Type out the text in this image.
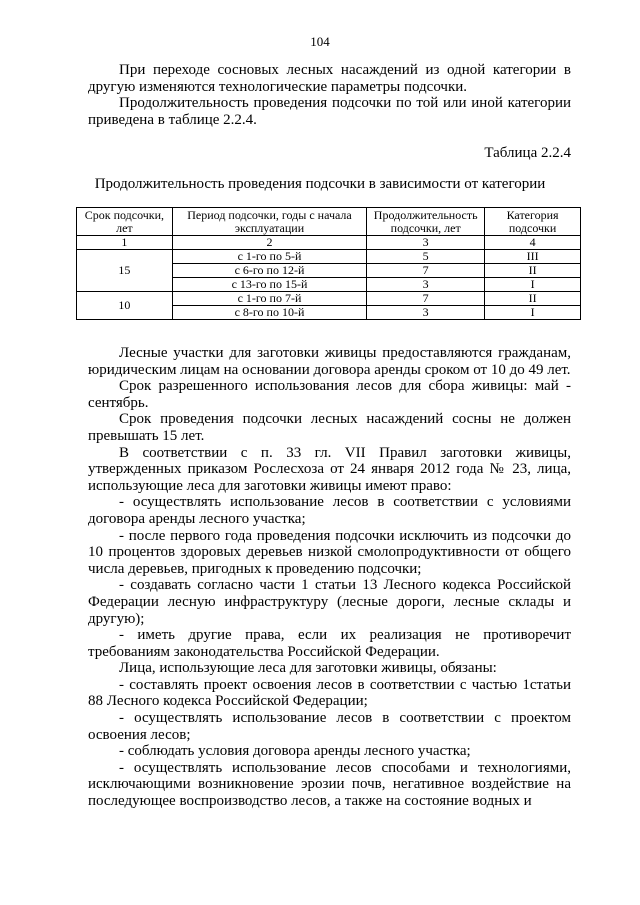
104

При переходе сосновых лесных насаждений из одной категории в другую изменяются технологические параметры подсочки.

Продолжительность проведения подсочки по той или иной категории приведена в таблице 2.2.4.

Таблица 2.2.4
Продолжительность проведения подсочки в зависимости от категории
Срок подсочки, лет	Период подсочки, годы с начала эксплуатации	Продолжительность подсочки, лет	Категория подсочки
1	2	3	4
15	с 1-го по 5-й	5	III
	с 6-го по 12-й	7	II
	с 13-го по 15-й	3	I
10	с 1-го по 7-й	7	II
	с 8-го по 10-й	3	I

Лесные участки для заготовки живицы предоставляются гражданам, юридическим лицам на основании договора аренды сроком от 10 до 49 лет.

Срок разрешенного использования лесов для сбора живицы: май - сентябрь.

Срок проведения подсочки лесных насаждений сосны не должен превышать 15 лет.

В соответствии с п. 33 гл. VII Правил заготовки живицы, утвержденных приказом Рослесхоза от 24 января 2012 года № 23, лица, использующие леса для заготовки живицы имеют право:

- осуществлять использование лесов в соответствии с условиями договора аренды лесного участка;

- после первого года проведения подсочки исключить из подсочки до 10 процентов здоровых деревьев низкой смолопродуктивности от общего числа деревьев, пригодных к проведению подсочки;

- создавать согласно части 1 статьи 13 Лесного кодекса Российской Федерации лесную инфраструктуру (лесные дороги, лесные склады и другую);

- иметь другие права, если их реализация не противоречит требованиям законодательства Российской Федерации.

Лица, использующие леса для заготовки живицы, обязаны:

- составлять проект освоения лесов в соответствии с частью 1статьи 88 Лесного кодекса Российской Федерации;

- осуществлять использование лесов в соответствии с проектом освоения лесов;

- соблюдать условия договора аренды лесного участка;

- осуществлять использование лесов способами и технологиями, исключающими возникновение эрозии почв, негативное воздействие на последующее воспроизводство лесов, а также на состояние водных и
